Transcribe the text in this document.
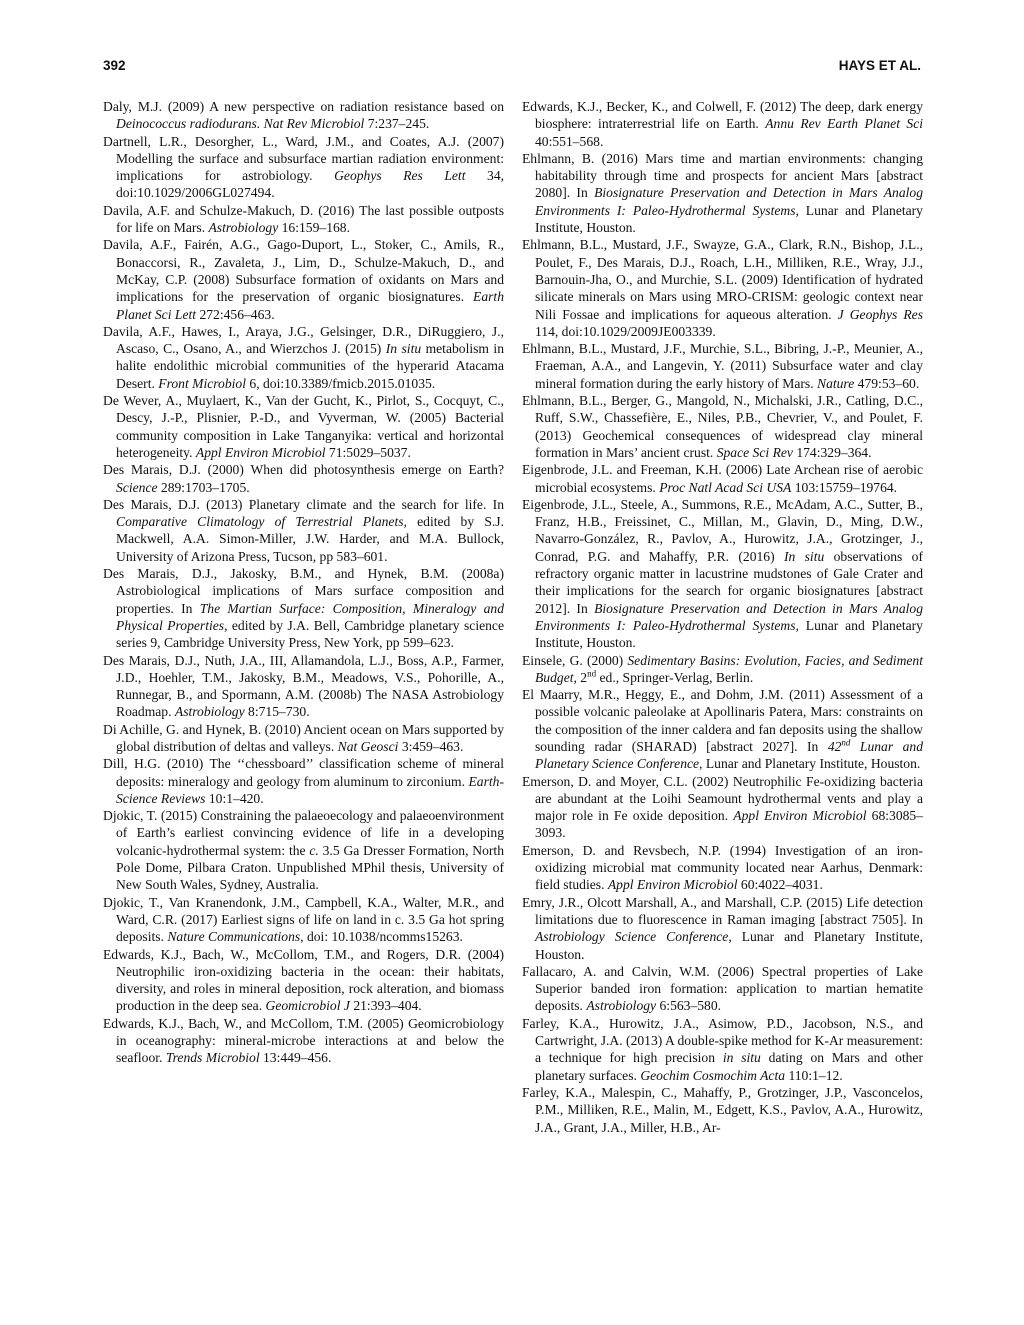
392	HAYS ET AL.

Daly, M.J. (2009) A new perspective on radiation resistance based on Deinococcus radiodurans. Nat Rev Microbiol 7:237–245.

Dartnell, L.R., Desorgher, L., Ward, J.M., and Coates, A.J. (2007) Modelling the surface and subsurface martian radiation environment: implications for astrobiology. Geophys Res Lett 34, doi:10.1029/2006GL027494.

Davila, A.F. and Schulze-Makuch, D. (2016) The last possible outposts for life on Mars. Astrobiology 16:159–168.

Davila, A.F., Fairén, A.G., Gago-Duport, L., Stoker, C., Amils, R., Bonaccorsi, R., Zavaleta, J., Lim, D., Schulze-Makuch, D., and McKay, C.P. (2008) Subsurface formation of oxidants on Mars and implications for the preservation of organic biosignatures. Earth Planet Sci Lett 272:456–463.

Davila, A.F., Hawes, I., Araya, J.G., Gelsinger, D.R., DiRuggiero, J., Ascaso, C., Osano, A., and Wierzchos J. (2015) In situ metabolism in halite endolithic microbial communities of the hyperarid Atacama Desert. Front Microbiol 6, doi:10.3389/fmicb.2015.01035.

De Wever, A., Muylaert, K., Van der Gucht, K., Pirlot, S., Cocquyt, C., Descy, J.-P., Plisnier, P.-D., and Vyverman, W. (2005) Bacterial community composition in Lake Tanganyika: vertical and horizontal heterogeneity. Appl Environ Microbiol 71:5029–5037.

Des Marais, D.J. (2000) When did photosynthesis emerge on Earth? Science 289:1703–1705.

Des Marais, D.J. (2013) Planetary climate and the search for life. In Comparative Climatology of Terrestrial Planets, edited by S.J. Mackwell, A.A. Simon-Miller, J.W. Harder, and M.A. Bullock, University of Arizona Press, Tucson, pp 583–601.

Des Marais, D.J., Jakosky, B.M., and Hynek, B.M. (2008a) Astrobiological implications of Mars surface composition and properties. In The Martian Surface: Composition, Mineralogy and Physical Properties, edited by J.A. Bell, Cambridge planetary science series 9, Cambridge University Press, New York, pp 599–623.

Des Marais, D.J., Nuth, J.A., III, Allamandola, L.J., Boss, A.P., Farmer, J.D., Hoehler, T.M., Jakosky, B.M., Meadows, V.S., Pohorille, A., Runnegar, B., and Spormann, A.M. (2008b) The NASA Astrobiology Roadmap. Astrobiology 8:715–730.

Di Achille, G. and Hynek, B. (2010) Ancient ocean on Mars supported by global distribution of deltas and valleys. Nat Geosci 3:459–463.

Dill, H.G. (2010) The ‘‘chessboard’’ classification scheme of mineral deposits: mineralogy and geology from aluminum to zirconium. Earth-Science Reviews 10:1–420.

Djokic, T. (2015) Constraining the palaeoecology and palaeoenvironment of Earth’s earliest convincing evidence of life in a developing volcanic-hydrothermal system: the c. 3.5 Ga Dresser Formation, North Pole Dome, Pilbara Craton. Unpublished MPhil thesis, University of New South Wales, Sydney, Australia.

Djokic, T., Van Kranendonk, J.M., Campbell, K.A., Walter, M.R., and Ward, C.R. (2017) Earliest signs of life on land in c. 3.5 Ga hot spring deposits. Nature Communications, doi: 10.1038/ncomms15263.

Edwards, K.J., Bach, W., McCollom, T.M., and Rogers, D.R. (2004) Neutrophilic iron-oxidizing bacteria in the ocean: their habitats, diversity, and roles in mineral deposition, rock alteration, and biomass production in the deep sea. Geomicrobiol J 21:393–404.

Edwards, K.J., Bach, W., and McCollom, T.M. (2005) Geomicrobiology in oceanography: mineral-microbe interactions at and below the seafloor. Trends Microbiol 13:449–456.

Edwards, K.J., Becker, K., and Colwell, F. (2012) The deep, dark energy biosphere: intraterrestrial life on Earth. Annu Rev Earth Planet Sci 40:551–568.

Ehlmann, B. (2016) Mars time and martian environments: changing habitability through time and prospects for ancient Mars [abstract 2080]. In Biosignature Preservation and Detection in Mars Analog Environments I: Paleo-Hydrothermal Systems, Lunar and Planetary Institute, Houston.

Ehlmann, B.L., Mustard, J.F., Swayze, G.A., Clark, R.N., Bishop, J.L., Poulet, F., Des Marais, D.J., Roach, L.H., Milliken, R.E., Wray, J.J., Barnouin-Jha, O., and Murchie, S.L. (2009) Identification of hydrated silicate minerals on Mars using MRO-CRISM: geologic context near Nili Fossae and implications for aqueous alteration. J Geophys Res 114, doi:10.1029/2009JE003339.

Ehlmann, B.L., Mustard, J.F., Murchie, S.L., Bibring, J.-P., Meunier, A., Fraeman, A.A., and Langevin, Y. (2011) Subsurface water and clay mineral formation during the early history of Mars. Nature 479:53–60.

Ehlmann, B.L., Berger, G., Mangold, N., Michalski, J.R., Catling, D.C., Ruff, S.W., Chassefière, E., Niles, P.B., Chevrier, V., and Poulet, F. (2013) Geochemical consequences of widespread clay mineral formation in Mars’ ancient crust. Space Sci Rev 174:329–364.

Eigenbrode, J.L. and Freeman, K.H. (2006) Late Archean rise of aerobic microbial ecosystems. Proc Natl Acad Sci USA 103:15759–19764.

Eigenbrode, J.L., Steele, A., Summons, R.E., McAdam, A.C., Sutter, B., Franz, H.B., Freissinet, C., Millan, M., Glavin, D., Ming, D.W., Navarro-González, R., Pavlov, A., Hurowitz, J.A., Grotzinger, J., Conrad, P.G. and Mahaffy, P.R. (2016) In situ observations of refractory organic matter in lacustrine mudstones of Gale Crater and their implications for the search for organic biosignatures [abstract 2012]. In Biosignature Preservation and Detection in Mars Analog Environments I: Paleo-Hydrothermal Systems, Lunar and Planetary Institute, Houston.

Einsele, G. (2000) Sedimentary Basins: Evolution, Facies, and Sediment Budget, 2nd ed., Springer-Verlag, Berlin.

El Maarry, M.R., Heggy, E., and Dohm, J.M. (2011) Assessment of a possible volcanic paleolake at Apollinaris Patera, Mars: constraints on the composition of the inner caldera and fan deposits using the shallow sounding radar (SHARAD) [abstract 2027]. In 42nd Lunar and Planetary Science Conference, Lunar and Planetary Institute, Houston.

Emerson, D. and Moyer, C.L. (2002) Neutrophilic Fe-oxidizing bacteria are abundant at the Loihi Seamount hydrothermal vents and play a major role in Fe oxide deposition. Appl Environ Microbiol 68:3085–3093.

Emerson, D. and Revsbech, N.P. (1994) Investigation of an iron-oxidizing microbial mat community located near Aarhus, Denmark: field studies. Appl Environ Microbiol 60:4022–4031.

Emry, J.R., Olcott Marshall, A., and Marshall, C.P. (2015) Life detection limitations due to fluorescence in Raman imaging [abstract 7505]. In Astrobiology Science Conference, Lunar and Planetary Institute, Houston.

Fallacaro, A. and Calvin, W.M. (2006) Spectral properties of Lake Superior banded iron formation: application to martian hematite deposits. Astrobiology 6:563–580.

Farley, K.A., Hurowitz, J.A., Asimow, P.D., Jacobson, N.S., and Cartwright, J.A. (2013) A double-spike method for K-Ar measurement: a technique for high precision in situ dating on Mars and other planetary surfaces. Geochim Cosmochim Acta 110:1–12.

Farley, K.A., Malespin, C., Mahaffy, P., Grotzinger, J.P., Vasconcelos, P.M., Milliken, R.E., Malin, M., Edgett, K.S., Pavlov, A.A., Hurowitz, J.A., Grant, J.A., Miller, H.B., Ar-
